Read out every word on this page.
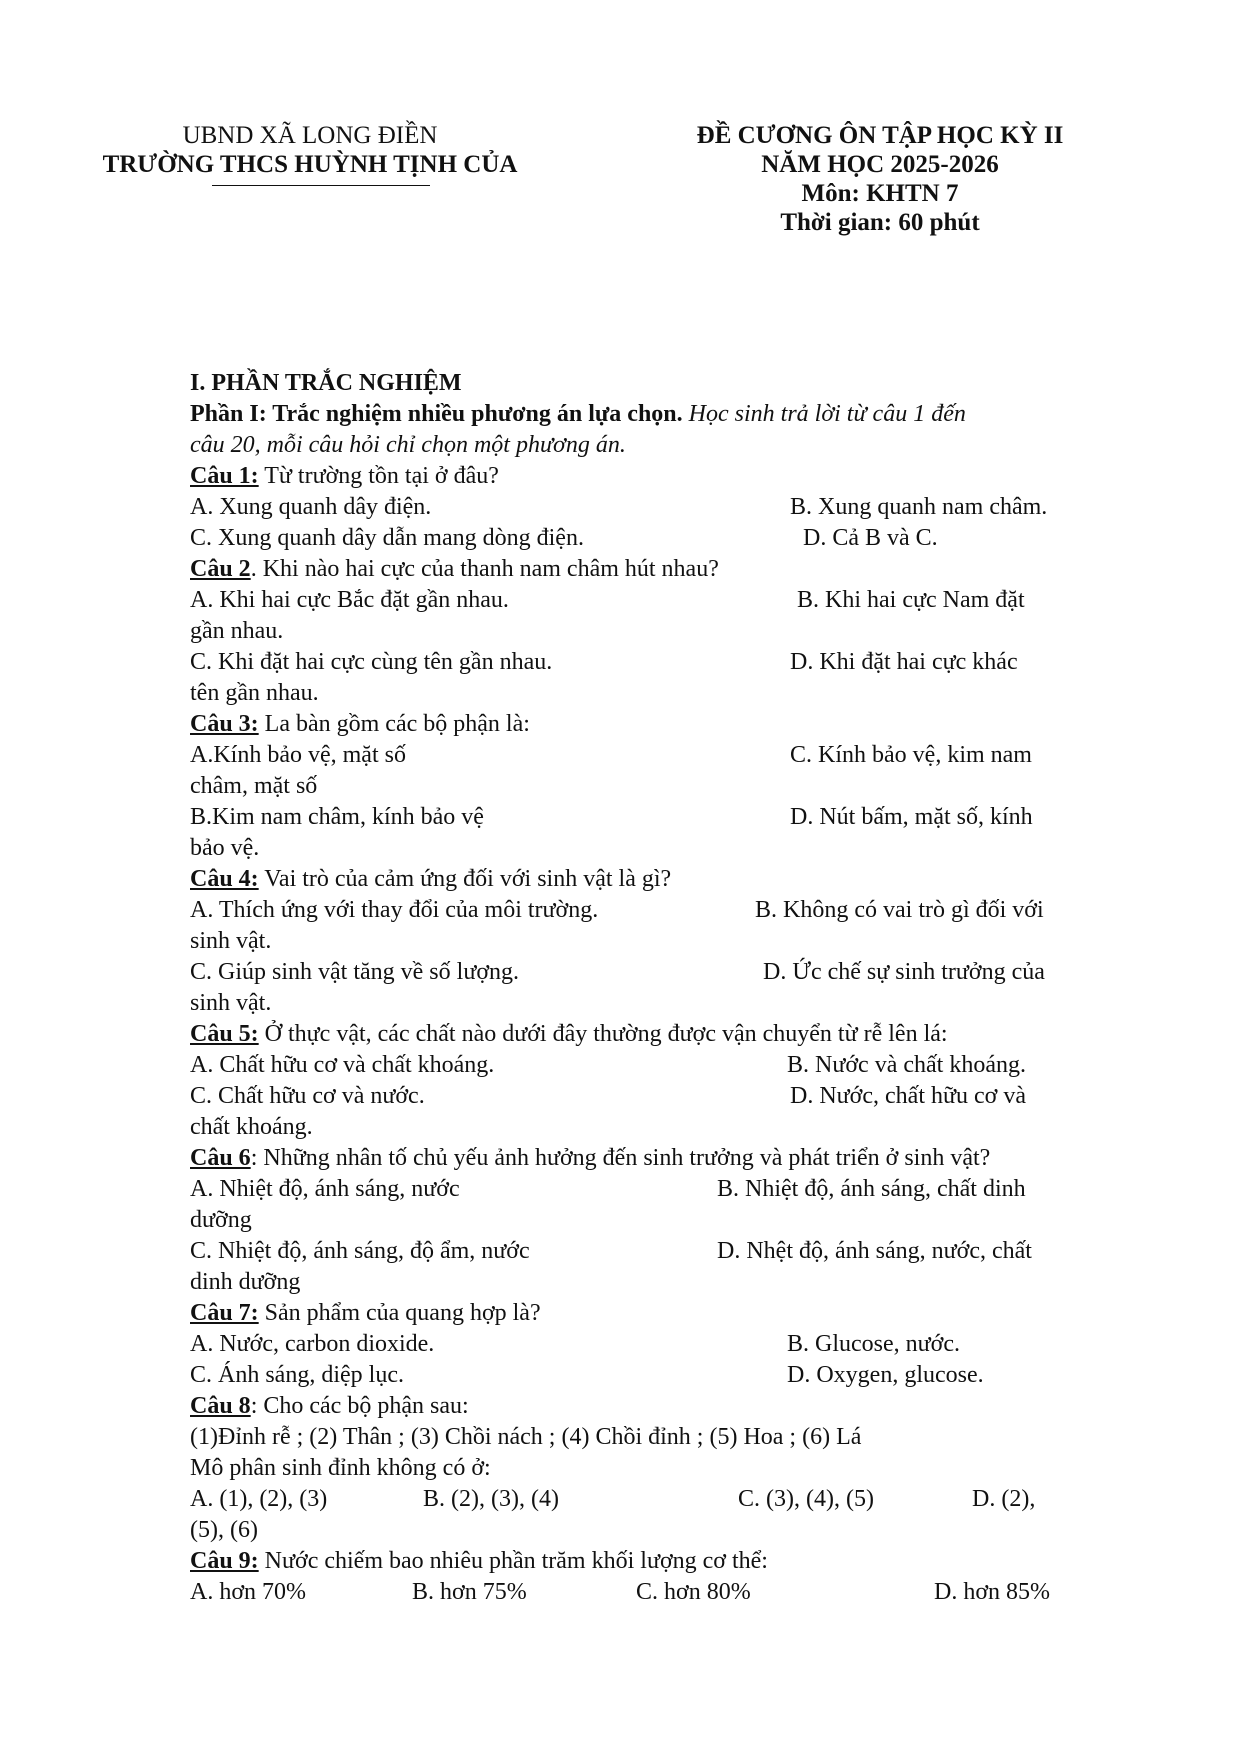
UBND XÃ LONG ĐIỀN
TRƯỜNG THCS HUỲNH TỊNH CỦA
ĐỀ CƯƠNG ÔN TẬP HỌC KỲ II
NĂM HỌC 2025-2026
Môn: KHTN 7
Thời gian: 60 phút
I. PHẦN TRẮC NGHIỆM
Phần I: Trắc nghiệm nhiều phương án lựa chọn. Học sinh trả lời từ câu 1 đến
câu 20, mỗi câu hỏi chỉ chọn một phương án.
Câu 1: Từ trường tồn tại ở đâu?
A. Xung quanh dây điện.	B. Xung quanh nam châm.
C. Xung quanh dây dẫn mang dòng điện.	D. Cả B và C.
Câu 2. Khi nào hai cực của thanh nam châm hút nhau?
A. Khi hai cực Bắc đặt gần nhau.	B. Khi hai cực Nam đặt
gần nhau.
C. Khi đặt hai cực cùng tên gần nhau.	D. Khi đặt hai cực khác
tên gần nhau.
Câu 3: La bàn gồm các bộ phận là:
A.Kính bảo vệ, mặt số	C. Kính bảo vệ, kim nam
châm, mặt số
B.Kim nam châm, kính bảo vệ	D. Nút bấm, mặt số, kính
bảo vệ.
Câu 4: Vai trò của cảm ứng đối với sinh vật là gì?
A. Thích ứng với thay đổi của môi trường.	B. Không có vai trò gì đối với
sinh vật.
C. Giúp sinh vật tăng về số lượng.	D. Ức chế sự sinh trưởng của
sinh vật.
Câu 5: Ở thực vật, các chất nào dưới đây thường được vận chuyển từ rễ lên lá:
A. Chất hữu cơ và chất khoáng.	B. Nước và chất khoáng.
C. Chất hữu cơ và nước.	D. Nước, chất hữu cơ và
chất khoáng.
Câu 6: Những nhân tố chủ yếu ảnh hưởng đến sinh trưởng và phát triển ở sinh vật?
A. Nhiệt độ, ánh sáng, nước	B. Nhiệt độ, ánh sáng, chất dinh
dưỡng
C. Nhiệt độ, ánh sáng, độ ẩm, nước	D. Nhệt độ, ánh sáng, nước, chất
dinh dưỡng
Câu 7: Sản phẩm của quang hợp là?
A. Nước, carbon dioxide.	B. Glucose, nước.
C. Ánh sáng, diệp lục.	D. Oxygen, glucose.
Câu 8: Cho các bộ phận sau:
(1)Đỉnh rễ ; (2) Thân ; (3) Chồi nách ; (4) Chồi đỉnh ; (5) Hoa ; (6) Lá
Mô phân sinh đỉnh không có ở:
A. (1), (2), (3)	B. (2), (3), (4)	C. (3), (4), (5)	D. (2),
(5), (6)
Câu 9: Nước chiếm bao nhiêu phần trăm khối lượng cơ thể:
A. hơn 70%	B. hơn 75%	C. hơn 80%	D. hơn 85%
